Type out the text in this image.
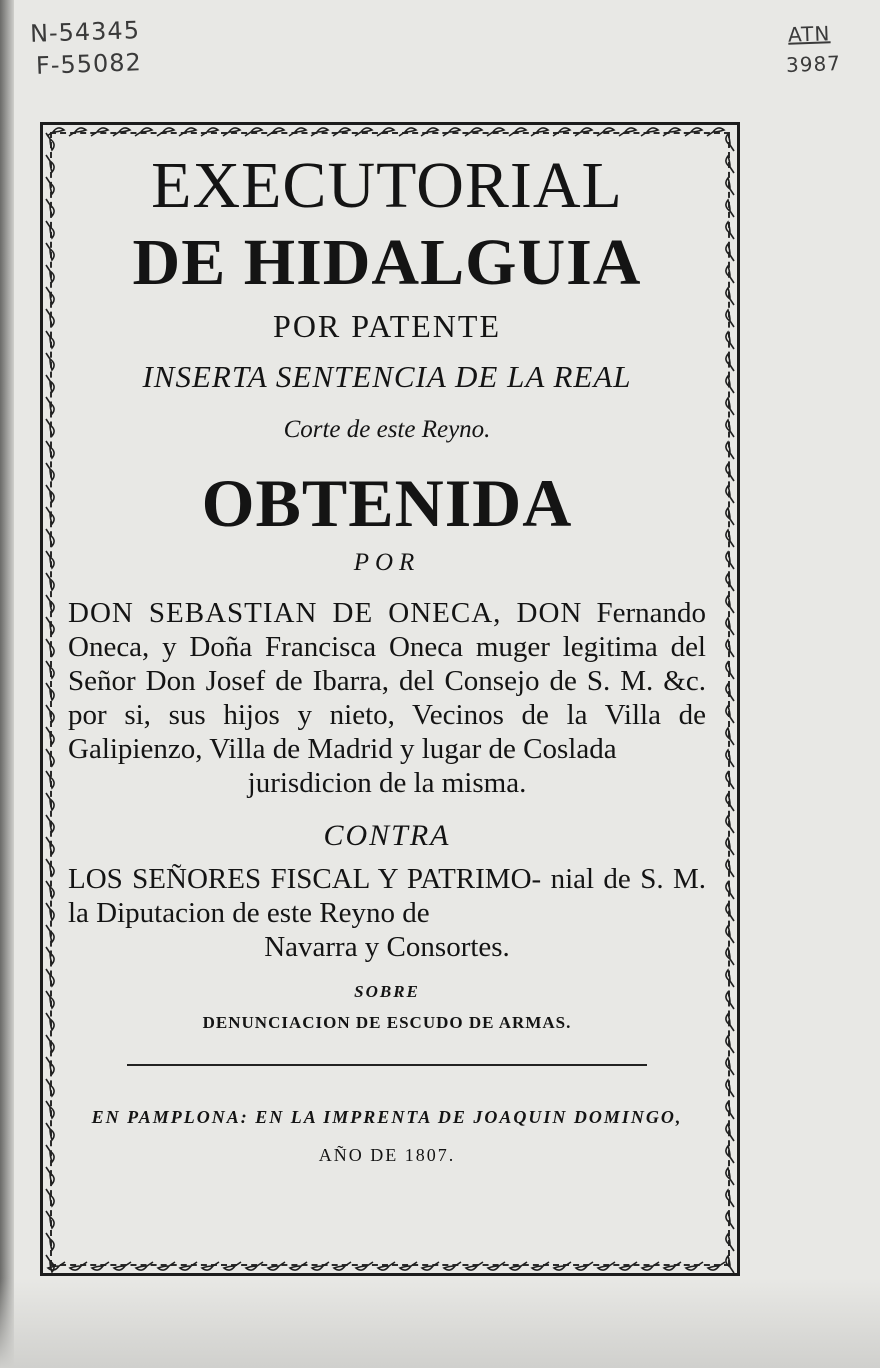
N-54345
F-55082
ATN
3987
EXECUTORIAL
DE HIDALGUIA
POR PATENTE
INSERTA SENTENCIA DE LA REAL
Corte de este Reyno.
OBTENIDA
POR
DON SEBASTIAN DE ONECA, DON Fernando Oneca, y Doña Francisca Oneca muger legitima del Señor Don Josef de Ibarra, del Consejo de S. M. &c. por si, sus hijos y nieto, Vecinos de la Villa de Galipienzo, Villa de Madrid y lugar de Coslada
jurisdicion de la misma.
CONTRA
LOS SEÑORES FISCAL Y PATRIMO- nial de S. M. la Diputacion de este Reyno de
Navarra y Consortes.
SOBRE
DENUNCIACION DE ESCUDO DE ARMAS.
EN PAMPLONA: EN LA IMPRENTA DE JOAQUIN DOMINGO,
AÑO DE 1807.
